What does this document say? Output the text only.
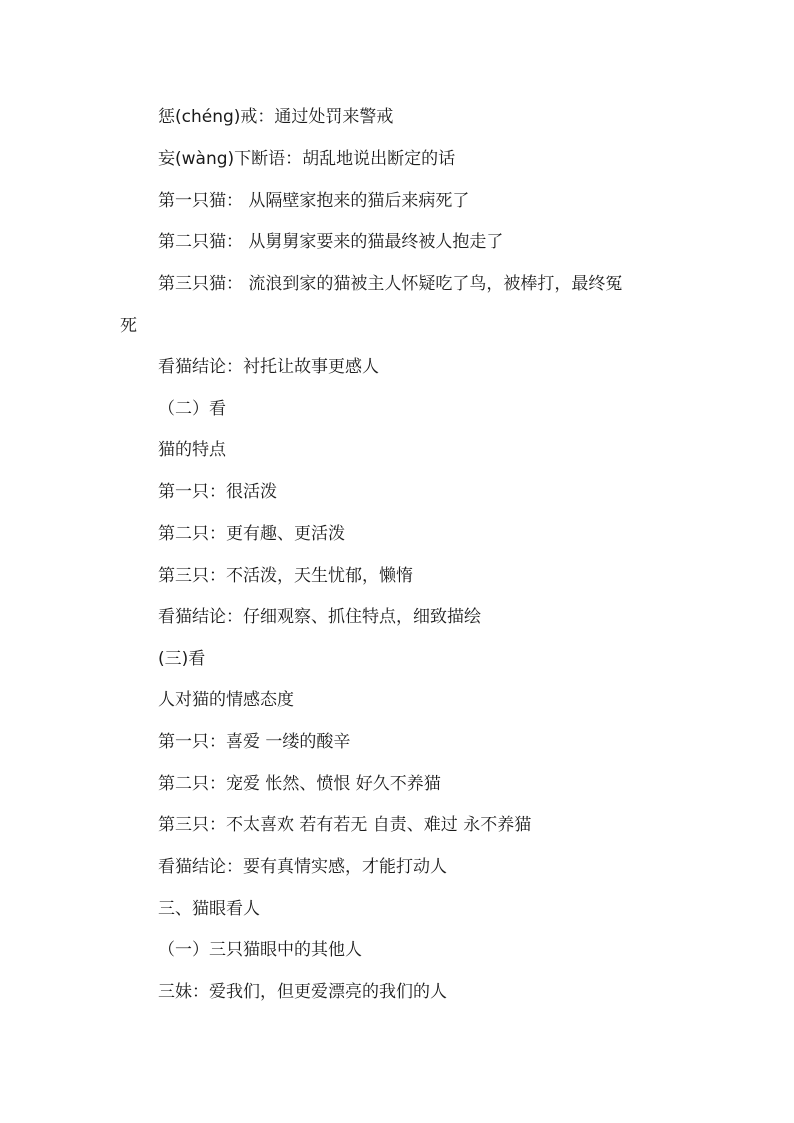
惩(chéng)戒：通过处罚来警戒
妄(wàng)下断语：胡乱地说出断定的话
第一只猫： 从隔壁家抱来的猫后来病死了
第二只猫： 从舅舅家要来的猫最终被人抱走了
第三只猫： 流浪到家的猫被主人怀疑吃了鸟，被棒打，最终冤
死
看猫结论：衬托让故事更感人
（二）看
猫的特点
第一只：很活泼
第二只：更有趣、更活泼
第三只：不活泼，天生忧郁，懒惰
看猫结论：仔细观察、抓住特点，细致描绘
(三)看
人对猫的情感态度
第一只：喜爱 一缕的酸辛
第二只：宠爱 怅然、愤恨 好久不养猫
第三只：不太喜欢 若有若无 自责、难过 永不养猫
看猫结论：要有真情实感，才能打动人
三、猫眼看人
（一）三只猫眼中的其他人
三妹：爱我们，但更爱漂亮的我们的人
